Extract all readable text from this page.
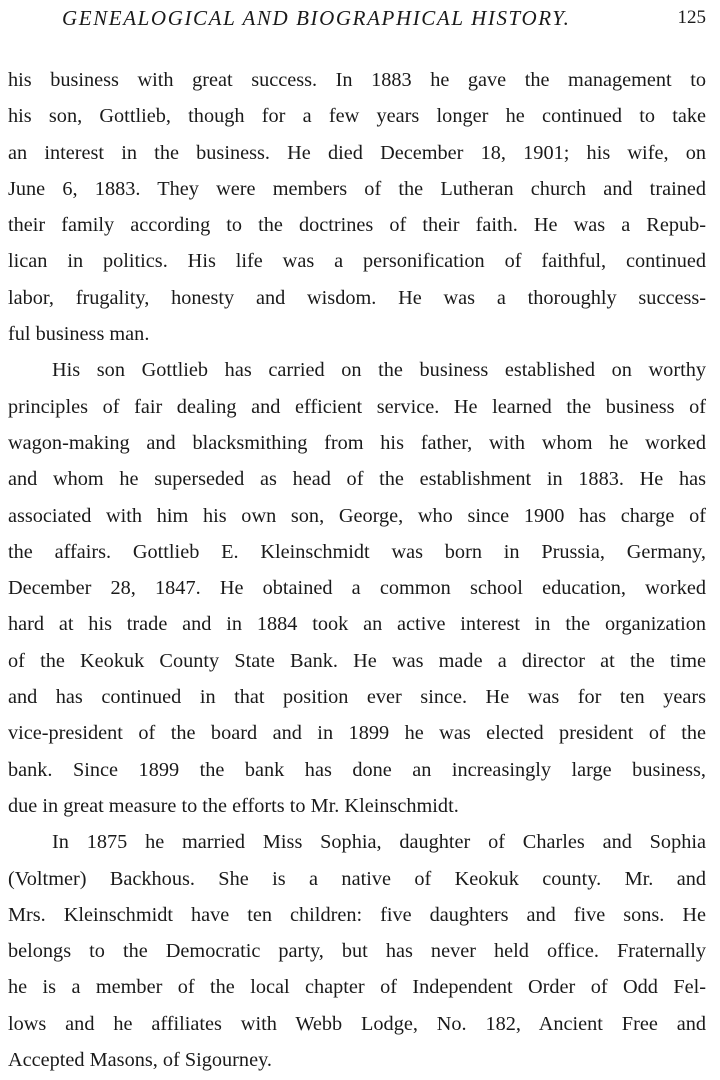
GENEALOGICAL AND BIOGRAPHICAL HISTORY.	125
his business with great success. In 1883 he gave the management to
his son, Gottlieb, though for a few years longer he continued to take
an interest in the business. He died December 18, 1901; his wife, on
June 6, 1883. They were members of the Lutheran church and trained
their family according to the doctrines of their faith. He was a Repub-
lican in politics. His life was a personification of faithful, continued
labor, frugality, honesty and wisdom. He was a thoroughly success-
ful business man.
His son Gottlieb has carried on the business established on worthy
principles of fair dealing and efficient service. He learned the business of
wagon-making and blacksmithing from his father, with whom he worked
and whom he superseded as head of the establishment in 1883. He has
associated with him his own son, George, who since 1900 has charge of
the affairs. Gottlieb E. Kleinschmidt was born in Prussia, Germany,
December 28, 1847. He obtained a common school education, worked
hard at his trade and in 1884 took an active interest in the organization
of the Keokuk County State Bank. He was made a director at the time
and has continued in that position ever since. He was for ten years
vice-president of the board and in 1899 he was elected president of the
bank. Since 1899 the bank has done an increasingly large business,
due in great measure to the efforts to Mr. Kleinschmidt.
In 1875 he married Miss Sophia, daughter of Charles and Sophia
(Voltmer) Backhous. She is a native of Keokuk county. Mr. and
Mrs. Kleinschmidt have ten children: five daughters and five sons. He
belongs to the Democratic party, but has never held office. Fraternally
he is a member of the local chapter of Independent Order of Odd Fel-
lows and he affiliates with Webb Lodge, No. 182, Ancient Free and
Accepted Masons, of Sigourney.
